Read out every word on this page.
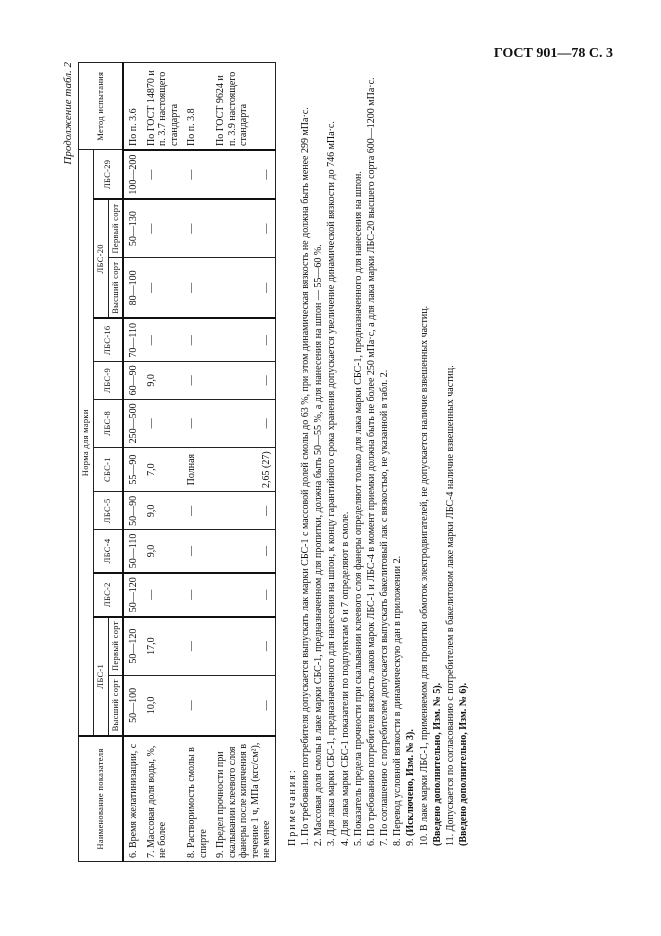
ГОСТ 901—78 С. 3
Продолжение табл. 2
Наименование показателя	Норма для марки												Метод испытания
	ЛБС-1		ЛБС-2	ЛБС-4	ЛБС-5	СБС-1	ЛБС-8	ЛБС-9	ЛБС-16	ЛБС-20		ЛБС-29	
	Высший сорт	Первый сорт								Высший сорт	Первый сорт		
6. Время желатинизации, с	50—100	50—120	50—120	50—110	50—90	55—90	250—500	60—90	70—110	80—100	50—130	100—200	По п. 3.6
7. Массовая доля воды, %, не более	10,0	17,0	—	9,0	9,0	7,0	—	9,0	—	—	—	—	По ГОСТ 14870 и п. 3.7 настоящего стандарта
8. Растворимость смолы в спирте	—	—	—	—	—	Полная	—	—	—	—	—	—	По п. 3.8
9. Предел прочности при скалывании клеевого слоя фанеры после кипячения в течение 1 ч, МПа (кгс/см²), не менее	—	—	—	—	—	2,65 (27)	—	—	—	—	—	—	По ГОСТ 9624 и п. 3.9 настоящего стандарта
Примечания: 1. По требованию потребителя допускается выпускать лак марки СБС-1 с массовой долей смолы до 63 %, при этом динамическая вязкость не должна быть менее 299 мПа·с. 2. Массовая доля смолы в лаке марки СБС-1, предназначенном для пропитки, должна быть 50—55 %, а для нанесения на шпон — 55—60 %. 3. Для лака марки СБС-1, предназначенного для нанесения на шпон, к концу гарантийного срока хранения допускается увеличение динамической вязкости до 746 мПа·с. 4. Для лака марки СБС-1 показатели по подпунктам 6 и 7 определяют в смоле. 5. Показатель предела прочности при скалывании клеевого слоя фанеры определяют только для лака марки СБС-1, предназначенного для нанесения на шпон. 6. По требованию потребителя вязкость лаков марок ЛБС-1 и ЛБС-4 в момент приемки должна быть не более 250 мПа·с, а для лака марки ЛБС-20 высшего сорта 600—1200 мПа·с. 7. По соглашению с потребителем допускается выпускать бакелитовый лак с вязкостью, не указанной в табл. 2. 8. Перевод условной вязкости в динамическую дан в приложении 2. 9. (Исключено, Изм. № 3). 10. В лаке марки ЛБС-1, применяемом для пропитки обмоток электродвигателей, не допускается наличие взвешенных частиц. (Введено дополнительно, Изм. № 5). 11. Допускается по согласованию с потребителем в бакелитовом лаке марки ЛБС-4 наличие взвешенных частиц. (Введено дополнительно, Изм. № 6).
